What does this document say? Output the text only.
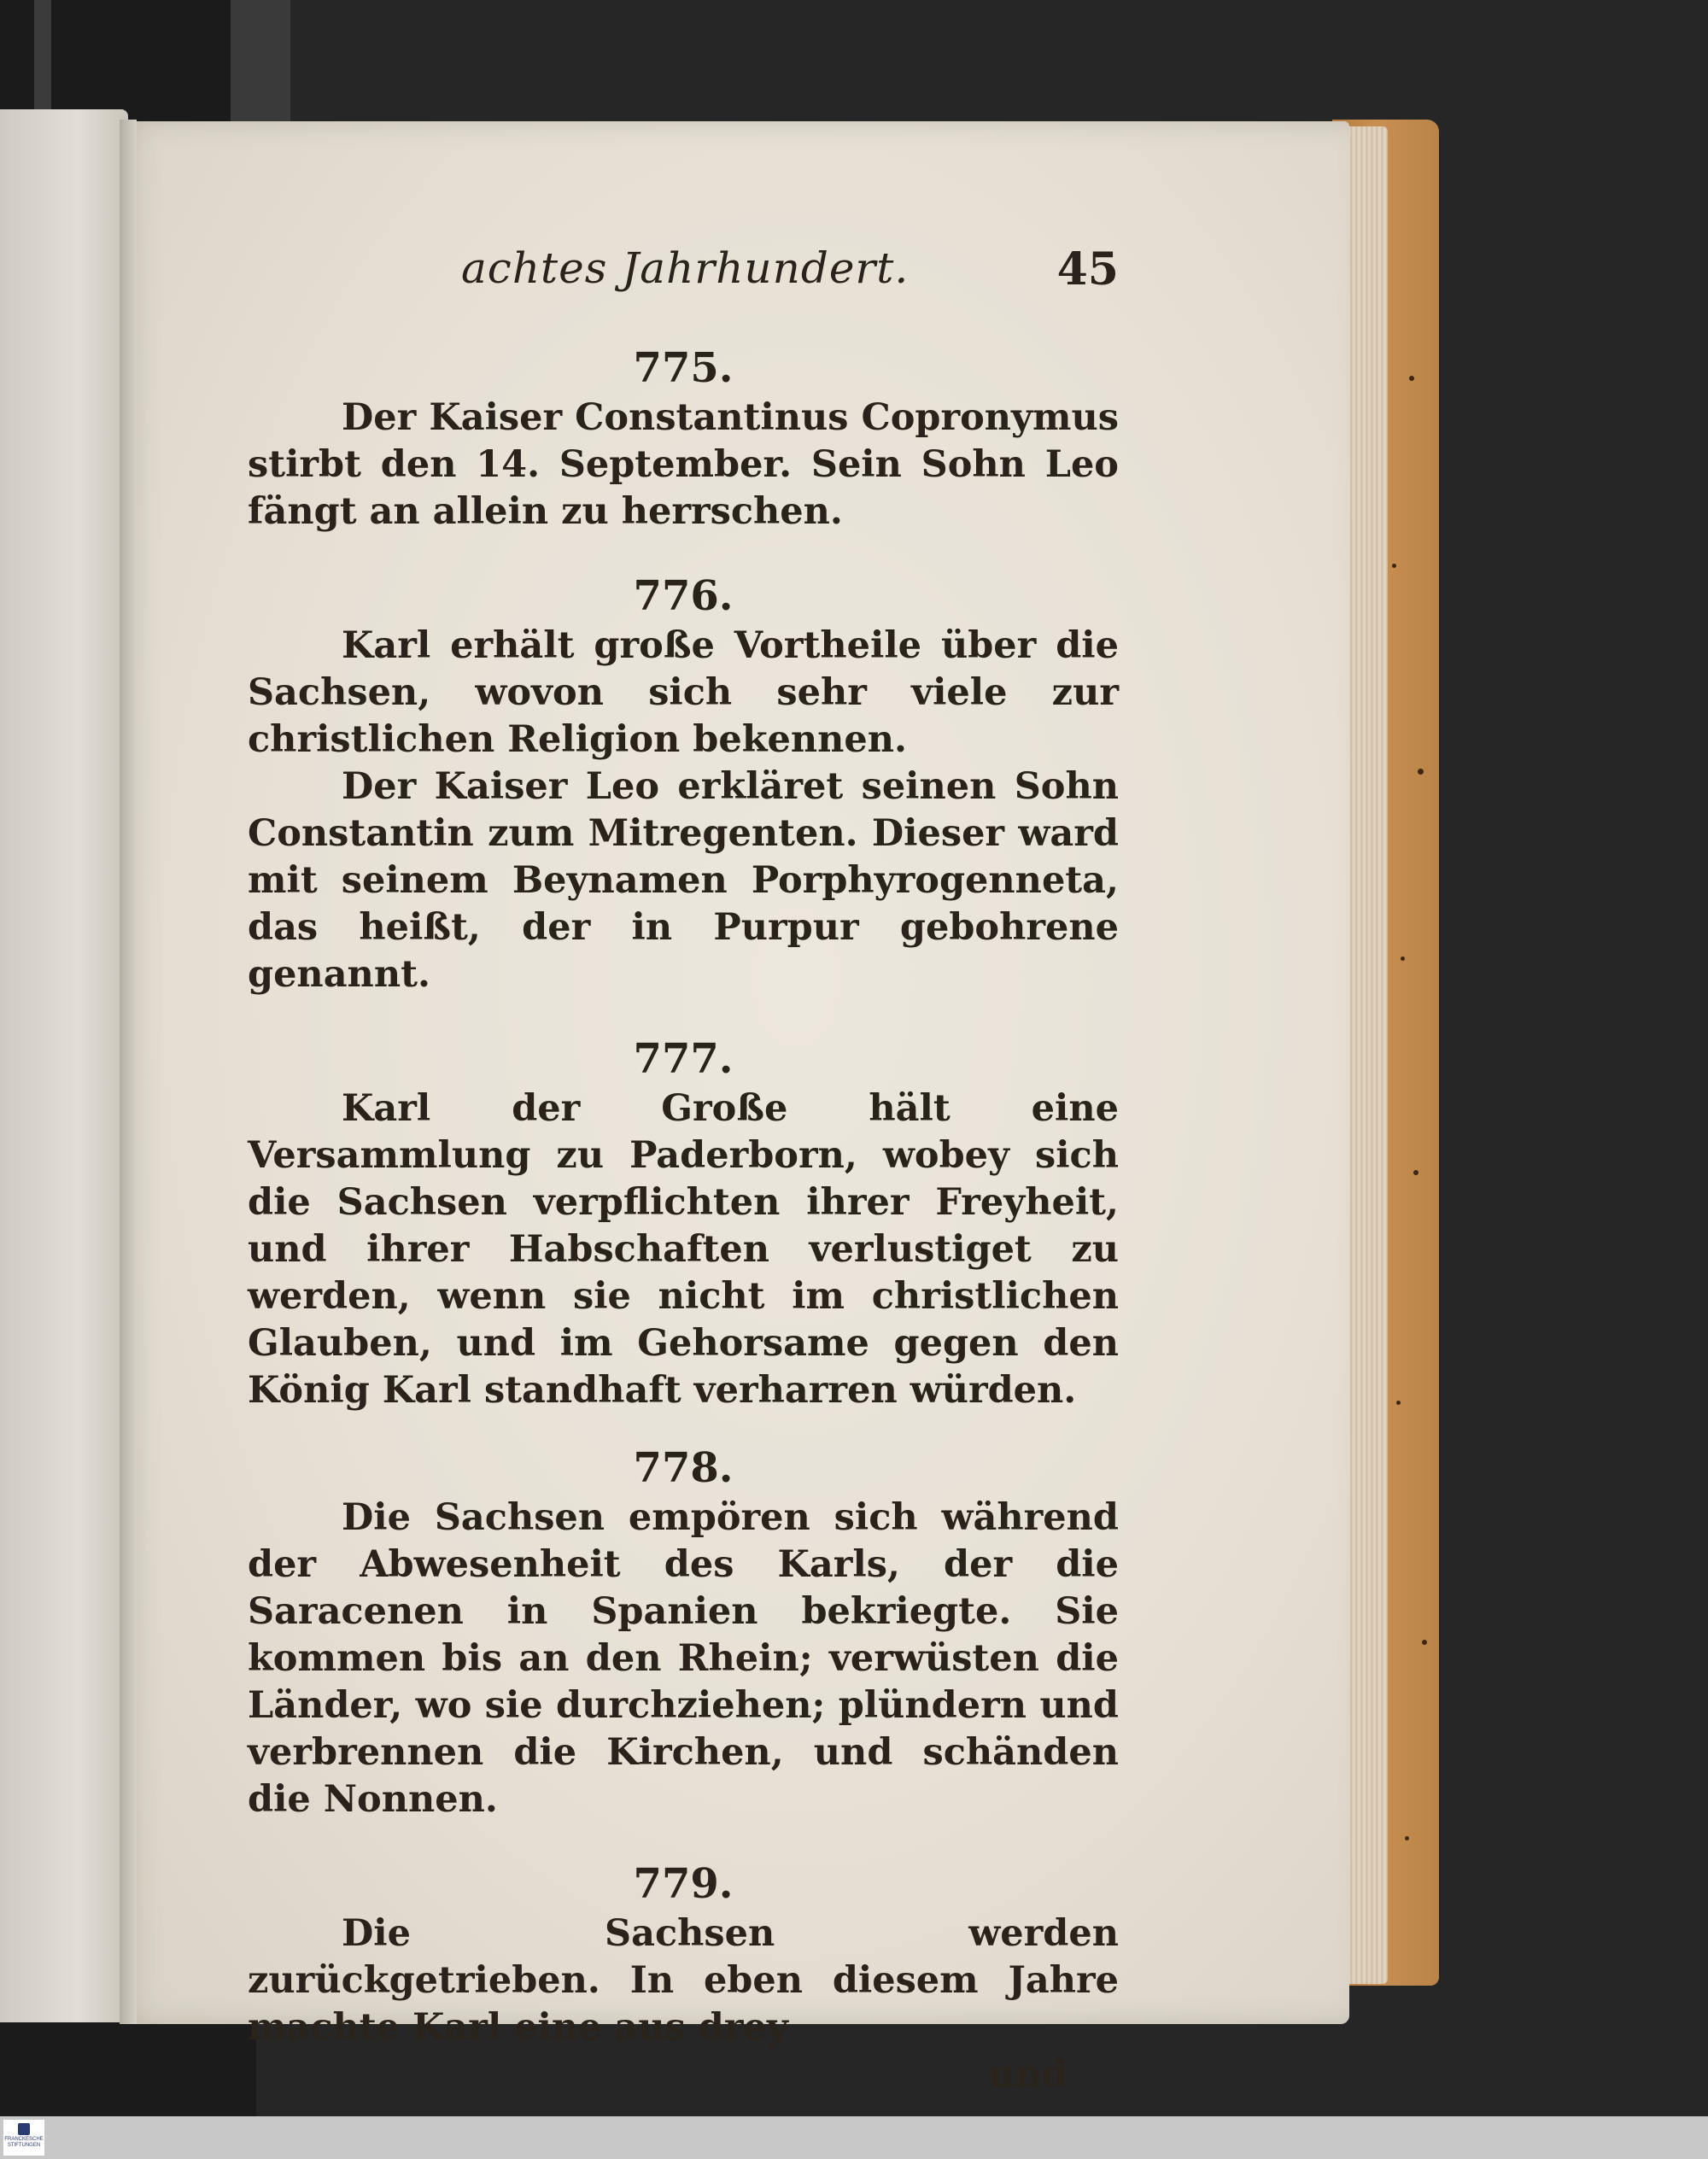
achtes Jahrhundert.	45
775.

Der Kaiser Constantinus Copronymus stirbt den 14. September. Sein Sohn Leo fängt an allein zu herrschen.

776.

Karl erhält große Vortheile über die Sachsen, wovon sich sehr viele zur christlichen Religion bekennen.

Der Kaiser Leo erkläret seinen Sohn Constantin zum Mitregenten. Dieser ward mit seinem Beynamen Porphyrogenneta, das heißt, der in Purpur gebohrene genannt.

777.

Karl der Große hält eine Versammlung zu Paderborn, wobey sich die Sachsen verpflichten ihrer Freyheit, und ihrer Habschaften verlustiget zu werden, wenn sie nicht im christlichen Glauben, und im Gehorsame gegen den König Karl standhaft verharren würden.

778.

Die Sachsen empören sich während der Abwesenheit des Karls, der die Saracenen in Spanien bekriegte. Sie kommen bis an den Rhein; verwüsten die Länder, wo sie durchziehen; plündern und verbrennen die Kirchen, und schänden die Nonnen.

779.

Die Sachsen werden zurückgetrieben. In eben diesem Jahre machte Karl eine aus drey

und
FRANCKESCHE STIFTUNGEN
